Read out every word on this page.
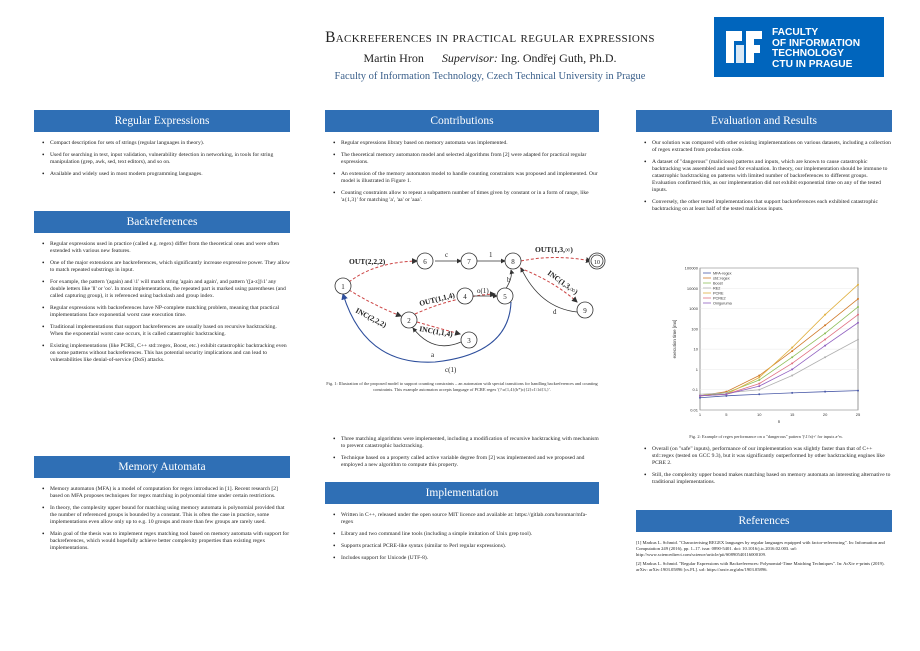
Backreferences in practical regular expressions
Martin Hron Supervisor: Ing. Ondřej Guth, Ph.D.
Faculty of Information Technology, Czech Technical University in Prague
FACULTY
OF INFORMATION
TECHNOLOGY
CTU IN PRAGUE
Regular Expressions
• Compact description for sets of strings (regular languages in theory).
• Used for searching in text, input validation, vulnerability detection in networking, in tools for string manipulation (grep, awk, sed, text editors), and so on.
• Available and widely used in most modern programming languages.
Backreferences
• Regular expressions used in practice (called e.g. regex) differ from the theoretical ones and were often extended with various new features.
• One of the major extensions are backreferences, which significantly increase expressive power. They allow to match repeated substrings in input.
• For example, the pattern '(again) and \1' will match string 'again and again', and pattern '([a-z])\1' any double letters like 'll' or 'oo'. In most implementations, the repeated part is marked using parentheses (and called capturing group), it is referenced using backslash and group index.
• Regular expressions with backreferences have NP-complete matching problem, meaning that practical implementations face exponential worst case execution time.
• Traditional implementations that support backreferences are usually based on recursive backtracking. When the exponential worst case occurs, it is called catastrophic backtracking.
• Existing implementations (like PCRE, C++ std::regex, Boost, etc.) exhibit catastrophic backtracking even on some patterns without backreferences. This has potential security implications and can lead to vulnerabilities like denial-of-service (DoS) attacks.
Memory Automata
• Memory automaton (MFA) is a model of computation for regex introduced in [1]. Recent research [2] based on MFA proposes techniques for regex matching in polynomial time under certain restrictions.
• In theory, the complexity upper bound for matching using memory automata is polynomial provided that the number of referenced groups is bounded by a constant. This is often the case in practice, some implementations even allow only up to e.g. 10 groups and more than few groups are rarely used.
• Main goal of the thesis was to implement regex matching tool based on memory automata with support for backreferences, which would hopefully achieve better complexity properties than existing regex implementations.
Contributions
• Regular expressions library based on memory automata was implemented.
• The theoretical memory automaton model and selected algorithms from [2] were adapted for practical regular expressions.
• An extension of the memory automaton model to handle counting constraints was proposed and implemented. Our model is illustrated in Figure 1.
• Counting constraints allow to repeat a subpattern number of times given by constant or in a form of range, like 'a{1,3}' for matching 'a', 'aa' or 'aaa'.
1
2
3
4	5
6	7	8
9
10
OUT(2,2,2)
INC(2,2,2)
OUT(1,1,4)
INC(1,1,4)
OUT(1,3,∞)
INC(1,3,∞)
c	1
o(1)
b
a
d
c(1)
Fig. 1: Illustration of the proposed model to support counting constraints – an automaton with special transitions for handling backreferences and counting constraints. This example automaton accepts language of PCRE regex '(?:a{1,4}(b*)c){2}c1\1d{3,}'.
• Three matching algorithms were implemented, including a modification of recursive backtracking with mechanism to prevent catastrophic backtracking.
• Technique based on a property called active variable degree from [2] was implemented and we proposed and employed a new algorithm to compute this property.
Implementation
• Written in C++, released under the open source MIT licence and available at: https://gitlab.com/hronmar/mfa-regex
• Library and two command line tools (including a simple imitation of Unix grep tool).
• Supports practical PCRE-like syntax (similar to Perl regular expressions).
• Includes support for Unicode (UTF-8).
Evaluation and Results
• Our solution was compared with other existing implementations on various datasets, including a collection of regex extracted from production code.
• A dataset of "dangerous" (malicious) patterns and inputs, which are known to cause catastrophic backtracking was assembled and used for evaluation. In theory, our implementation should be immune to catastrophic backtracking on patterns with limited number of backreferences to different groups. Evaluation confirmed this, as our implementation did not exhibit exponential time on any of the tested inputs.
• Conversely, the other tested implementations that support backreferences each exhibited catastrophic backtracking on at least half of the tested malicious inputs.
0.01
0.1
1
10
100
1000
10000
100000
1	5	10	15	20	25
n
execution time [ms]
MFA-regex
std::regex
Boost
RE2
PCRE
PCRE2
Oniguruma
Fig. 2: Example of regex performance on a "dangerous" pattern '(\1?a)+' for inputs a^n.
• Overall (on "safe" inputs), performance of our implementation was slightly faster than that of C++ std::regex (tested on GCC 9.3), but it was significantly outperformed by other backtracking engines like PCRE 2.
• Still, the complexity upper bound makes matching based on memory automata an interesting alternative to traditional implementations.
References

[1] Markus L. Schmid. "Characterising REGEX languages by regular languages equipped with factor-referencing". In: Information and Computation 249 (2016), pp. 1–17. issn: 0890-5401. doi: 10.1016/j.ic.2016.02.003. url: http://www.sciencedirect.com/science/article/pii/S0890540116000109.

[2] Markus L. Schmid. "Regular Expressions with Backreferences: Polynomial-Time Matching Techniques". In: ArXiv e-prints (2019). arXiv: arXiv:1903.05896 [cs.FL]. url: https://arxiv.org/abs/1903.05896.
